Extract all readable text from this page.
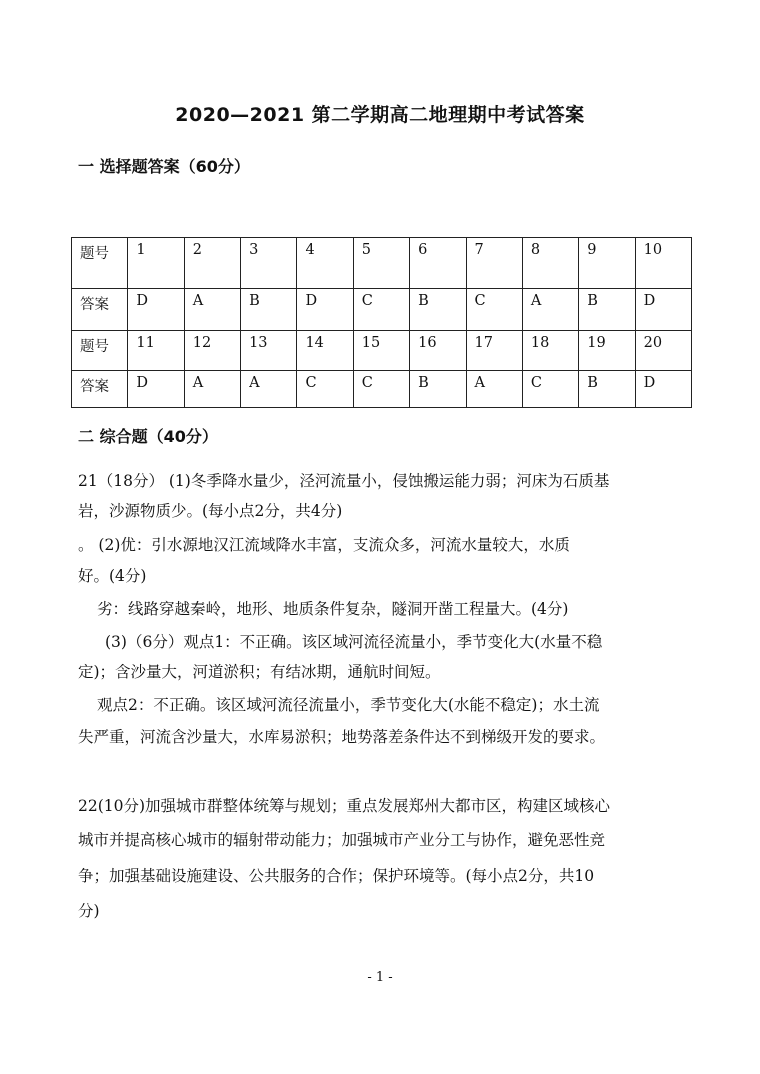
2020—2021 第二学期高二地理期中考试答案
一 选择题答案（60分）
题号	1	2	3	4	5	6	7	8	9	10
答案	D	A	B	D	C	B	C	A	B	D
题号	11	12	13	14	15	16	17	18	19	20
答案	D	A	A	C	C	B	A	C	B	D
二 综合题（40分）
21（18分） (1)冬季降水量少，泾河流量小，侵蚀搬运能力弱；河床为石质基
岩，沙源物质少。(每小点2分，共4分)
。 (2)优：引水源地汉江流域降水丰富，支流众多，河流水量较大，水质
好。(4分)
劣：线路穿越秦岭，地形、地质条件复杂，隧洞开凿工程量大。(4分)
(3)（6分）观点1：不正确。该区域河流径流量小，季节变化大(水量不稳
定)；含沙量大，河道淤积；有结冰期，通航时间短。
观点2：不正确。该区域河流径流量小，季节变化大(水能不稳定)；水土流
失严重，河流含沙量大，水库易淤积；地势落差条件达不到梯级开发的要求。
22(10分)加强城市群整体统筹与规划；重点发展郑州大都市区，构建区域核心
城市并提高核心城市的辐射带动能力；加强城市产业分工与协作，避免恶性竞
争；加强基础设施建设、公共服务的合作；保护环境等。(每小点2分，共10
分)
- 1 -
